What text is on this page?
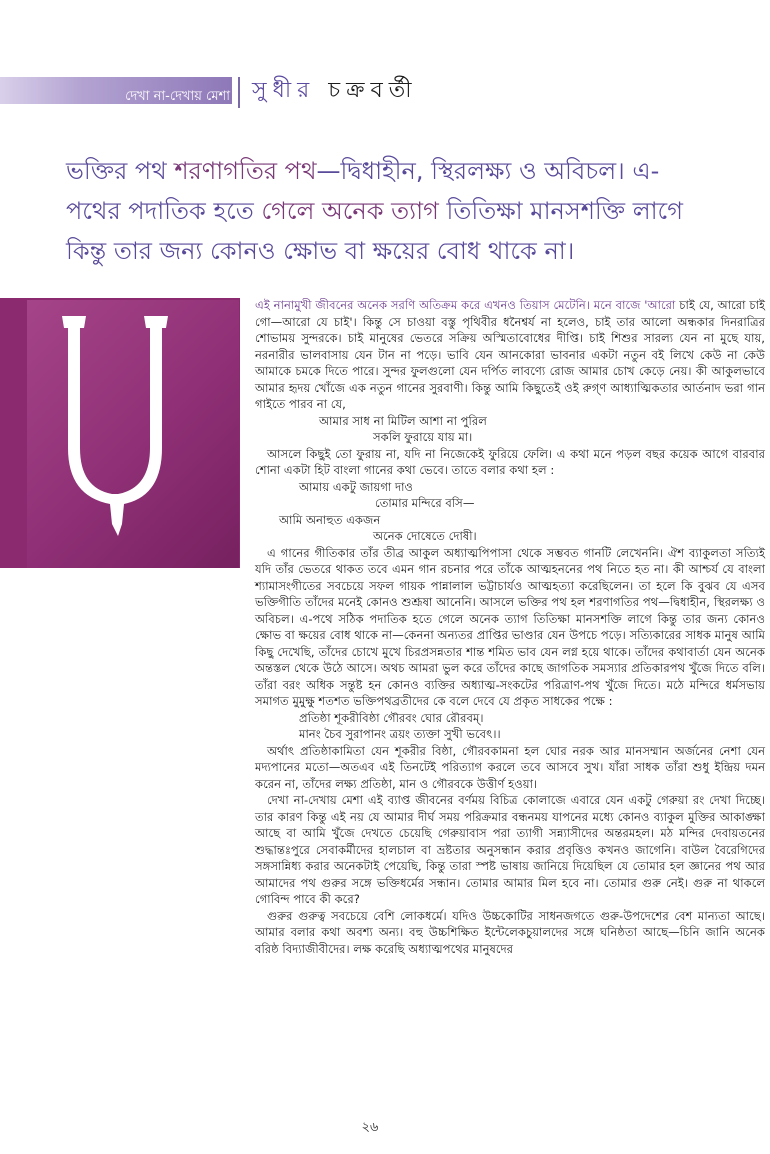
দেখা না-দেখায় মেশা সুধীর চক্রবর্তী
ভক্তির পথ শরণাগতির পথ—দ্বিধাহীন, স্থিরলক্ষ্য ও অবিচল। এ-পথের পদাতিক হতে গেলে অনেক ত্যাগ তিতিক্ষা মানসশক্তি লাগে কিন্তু তার জন্য কোনও ক্ষোভ বা ক্ষয়ের বোধ থাকে না।

এই নানামুখী জীবনের অনেক সরণি অতিক্রম করে এখনও তিয়াস মেটেনি। মনে বাজে 'আরো চাই যে, আরো চাই গো—আরো যে চাই'। কিন্তু সে চাওয়া বস্তু পৃথিবীর ধনৈশ্বর্য না হলেও, চাই তার আলো অন্ধকার দিনরাত্রির শোভাময় সুন্দরকে। চাই মানুষের ভেতরে সক্রিয় অস্মিতাবোধের দীপ্তি। চাই শিশুর সারল্য যেন না মুছে যায়, নরনারীর ভালবাসায় যেন টান না পড়ে। ভাবি যেন আনকোরা ভাবনার একটা নতুন বই লিখে কেউ না কেউ আমাকে চমকে দিতে পারে। সুন্দর ফুলগুলো যেন দর্পিত লাবণ্যে রোজ আমার চোখ কেড়ে নেয়। কী আকুলভাবে আমার হৃদয় খোঁজে এক নতুন গানের সুরবাণী। কিন্তু আমি কিছুতেই ওই রুগ্‌ণ আধ্যাত্মিকতার আর্তনাদ ভরা গান গাইতে পারব না যে,

আমার সাধ না মিটিল আশা না পুরিল
সকলি ফুরায়ে যায় মা।

আসলে কিছুই তো ফুরায় না, যদি না নিজেকেই ফুরিয়ে ফেলি। এ কথা মনে পড়ল বছর কয়েক আগে বারবার শোনা একটা হিট বাংলা গানের কথা ভেবে। তাতে বলার কথা হল :

আমায় একটু জায়গা দাও
তোমার মন্দিরে বসি—
আমি অনাহুত একজন
অনেক দোষেতে দোষী।

এ গানের গীতিকার তাঁর তীব্র আকুল অধ্যাত্মপিপাসা থেকে সম্ভবত গানটি লেখেননি। ঐশ ব্যাকুলতা সত্যিই যদি তাঁর ভেতরে থাকত তবে এমন গান রচনার পরে তাঁকে আত্মহননের পথ নিতে হত না। কী আশ্চর্য যে বাংলা শ্যামাসংগীতের সবচেয়ে সফল গায়ক পান্নালাল ভট্টাচার্যও আত্মহত্যা করেছিলেন। তা হলে কি বুঝব যে এসব ভক্তিগীতি তাঁদের মনেই কোনও শুশ্রূষা আনেনি। আসলে ভক্তির পথ হল শরণাগতির পথ—দ্বিধাহীন, স্থিরলক্ষ্য ও অবিচল। এ-পথে সঠিক পদাতিক হতে গেলে অনেক ত্যাগ তিতিক্ষা মানসশক্তি লাগে কিন্তু তার জন্য কোনও ক্ষোভ বা ক্ষয়ের বোধ থাকে না—কেননা অন্যতর প্রাপ্তির ভাণ্ডার যেন উপচে পড়ে। সত্যিকারের সাধক মানুষ আমি কিছু দেখেছি, তাঁদের চোখে মুখে চিরপ্রসন্নতার শান্ত শমিত ভাব যেন লগ্ন হয়ে থাকে। তাঁদের কথাবার্তা যেন অনেক অন্তস্তল থেকে উঠে আসে। অথচ আমরা ভুল করে তাঁদের কাছে জাগতিক সমস্যার প্রতিকারপথ খুঁজে দিতে বলি। তাঁরা বরং অধিক সন্তুষ্ট হন কোনও ব্যক্তির অধ্যাত্ম-সংকটের পরিত্রাণ-পথ খুঁজে দিতে। মঠে মন্দিরে ধর্মসভায় সমাগত মুমুক্ষু শতশত ভক্তিপথব্রতীদের কে বলে দেবে যে প্রকৃত সাধকের পক্ষে :

প্রতিষ্ঠা শূকরীবিষ্ঠা গৌরবং ঘোর রৌরবম্‌।
মানং চৈব সুরাপানং ত্রয়ং ত্যক্তা সুখী ভবেৎ।।

অর্থাৎ প্রতিষ্ঠাকামিতা যেন শূকরীর বিষ্ঠা, গৌরবকামনা হল ঘোর নরক আর মানসম্মান অর্জনের নেশা যেন মদ্যপানের মতো—অতএব এই তিনটেই পরিত্যাগ করলে তবে আসবে সুখ। যাঁরা সাধক তাঁরা শুধু ইন্দ্রিয় দমন করেন না, তাঁদের লক্ষ্য প্রতিষ্ঠা, মান ও গৌরবকে উত্তীর্ণ হওয়া।

দেখা না-দেখায় মেশা এই ব্যাপ্ত জীবনের বর্ণময় বিচিত্র কোলাজে এবারে যেন একটু গেরুয়া রং দেখা দিচ্ছে। তার কারণ কিন্তু এই নয় যে আমার দীর্ঘ সময় পরিক্রমার বন্ধনময় যাপনের মধ্যে কোনও ব্যাকুল মুক্তির আকাঙ্ক্ষা আছে বা আমি খুঁজে দেখতে চেয়েছি গেরুয়াবাস পরা ত্যাগী সন্ন্যাসীদের অন্তরমহল। মঠ মন্দির দেবায়তনের শুদ্ধান্তঃপুরে সেবাকর্মীদের হালচাল বা ভ্রষ্টতার অনুসন্ধান করার প্রবৃত্তিও কখনও জাগেনি। বাউল বৈরেগিদের সঙ্গসান্নিধ্য করার অনেকটাই পেয়েছি, কিন্তু তারা স্পষ্ট ভাষায় জানিয়ে দিয়েছিল যে তোমার হল জ্ঞানের পথ আর আমাদের পথ গুরুর সঙ্গে ভক্তিধর্মের সন্ধান। তোমার আমার মিল হবে না। তোমার গুরু নেই। গুরু না থাকলে গোবিন্দ পাবে কী করে?

গুরুর গুরুত্ব সবচেয়ে বেশি লোকধর্মে। যদিও উচ্চকোটির সাধনজগতে গুরু-উপদেশের বেশ মান্যতা আছে। আমার বলার কথা অবশ্য অন্য। বহু উচ্চশিক্ষিত ইন্টেলেকচুয়ালদের সঙ্গে ঘনিষ্ঠতা আছে—চিনি জানি অনেক বরিষ্ঠ বিদ্যাজীবীদের। লক্ষ করেছি অধ্যাত্মপথের মানুষদের

২৬
